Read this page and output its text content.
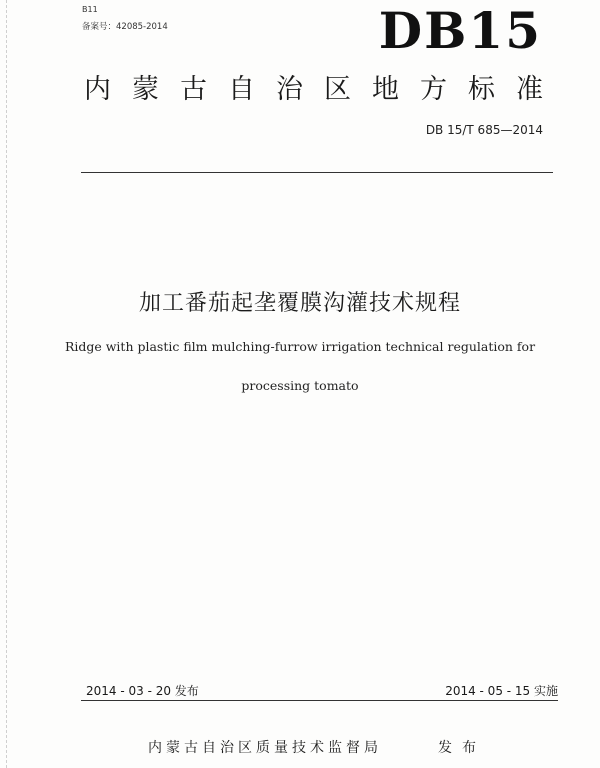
B11
备案号：42085-2014	DB15
内蒙古自治区地方标准
DB 15/T 685—2014
加工番茄起垄覆膜沟灌技术规程
Ridge with plastic film mulching-furrow irrigation technical regulation for
processing tomato
2014 - 03 - 20 发布	2014 - 05 - 15 实施
内蒙古自治区质量技术监督局	发布
